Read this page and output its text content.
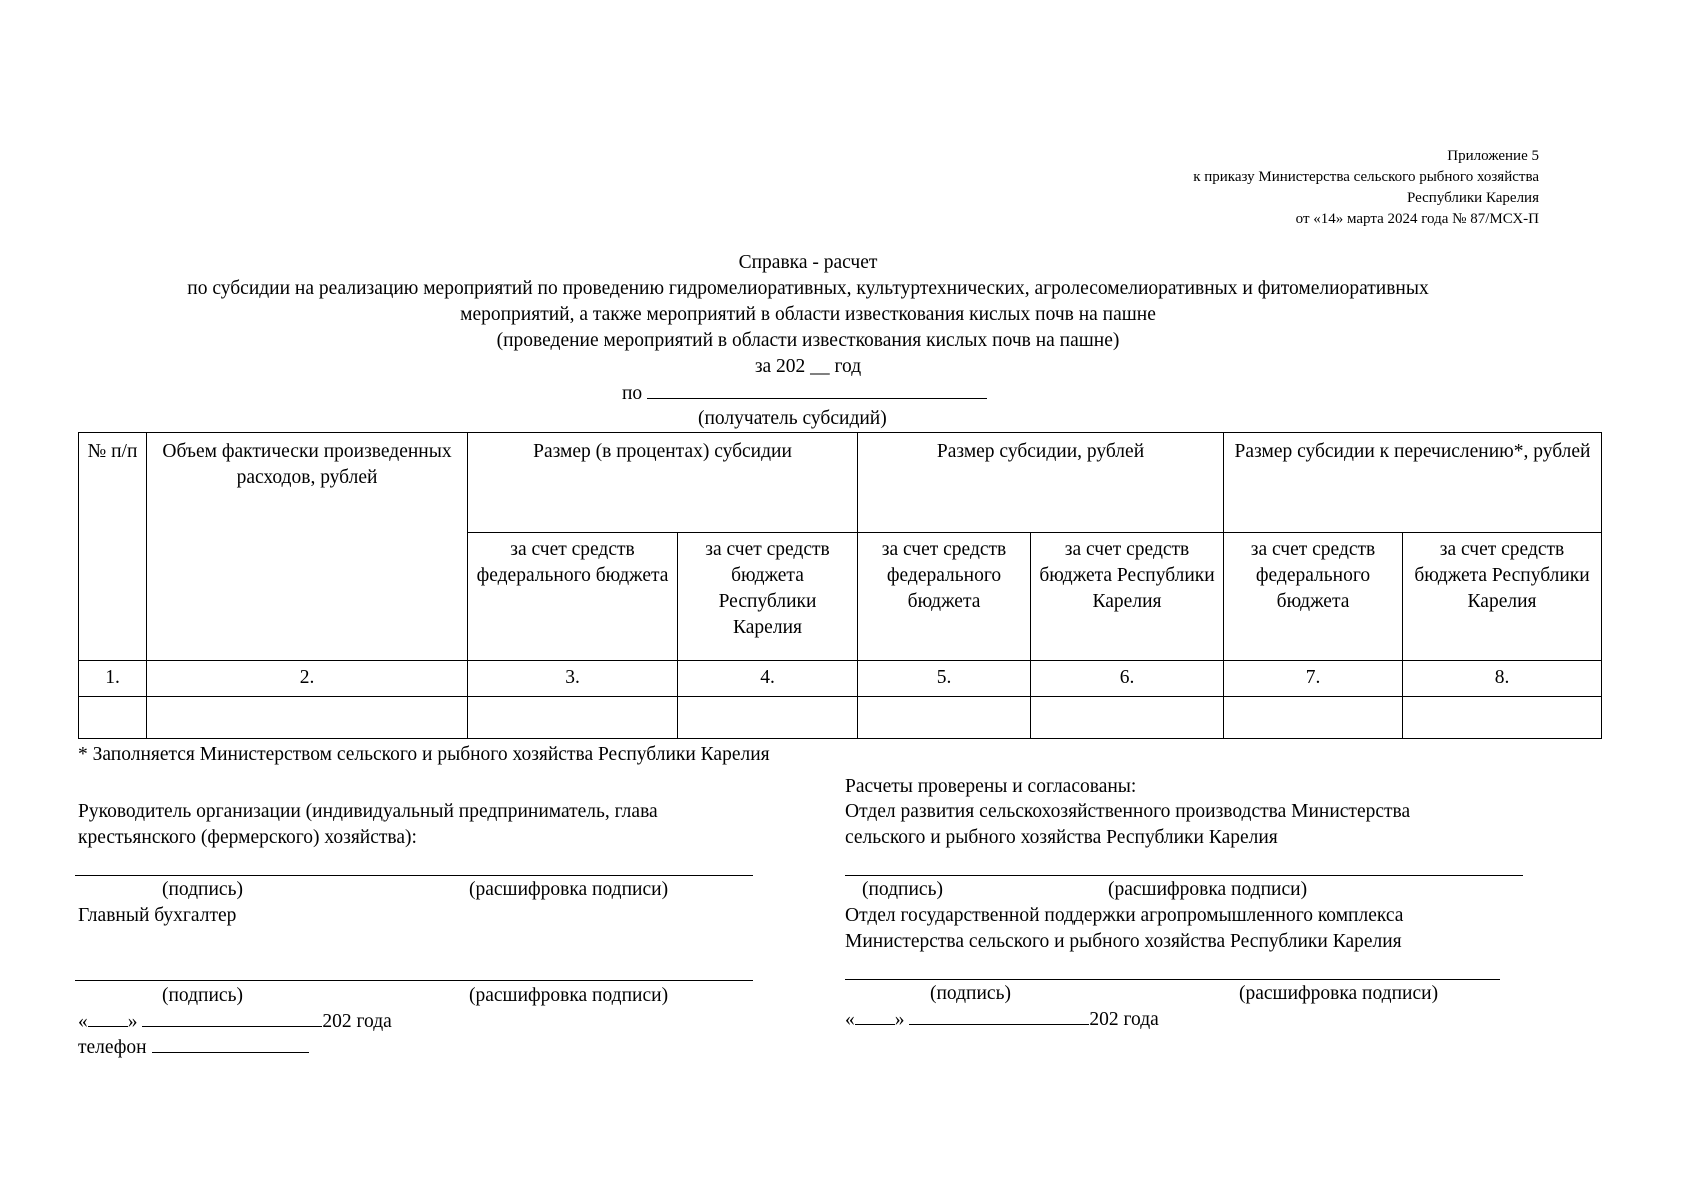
Приложение 5
к приказу Министерства сельского рыбного хозяйства
Республики Карелия
от «14» марта 2024 года № 87/МСХ-П
Справка - расчет
по субсидии на реализацию мероприятий по проведению гидромелиоративных, культуртехнических, агролесомелиоративных и фитомелиоративных
мероприятий, а также мероприятий в области известкования кислых почв на пашне
(проведение мероприятий в области известкования кислых почв на пашне)
за 202 __ год
по
(получатель субсидий)
№ п/п	Объем фактически произведенных расходов, рублей	Размер (в процентах) субсидии		Размер субсидии, рублей		Размер субсидии к перечислению*, рублей	
		за счет средств федерального бюджета	за счет средств бюджета Республики Карелия	за счет средств федерального бюджета	за счет средств бюджета Республики Карелия	за счет средств федерального бюджета	за счет средств бюджета Республики Карелия
1.	2.	3.	4.	5.	6.	7.	8.

* Заполняется Министерством сельского и рыбного хозяйства Республики Карелия
Руководитель организации (индивидуальный предприниматель, глава
крестьянского (фермерского) хозяйства):
(подпись)	(расшифровка подписи)
Главный бухгалтер
(подпись)	(расшифровка подписи)
« »	202 года
телефон
Расчеты проверены и согласованы:
Отдел развития сельскохозяйственного производства Министерства
сельского и рыбного хозяйства Республики Карелия
(подпись)	(расшифровка подписи)
Отдел государственной поддержки агропромышленного комплекса
Министерства сельского и рыбного хозяйства Республики Карелия
(подпись)	(расшифровка подписи)
« »	202 года
